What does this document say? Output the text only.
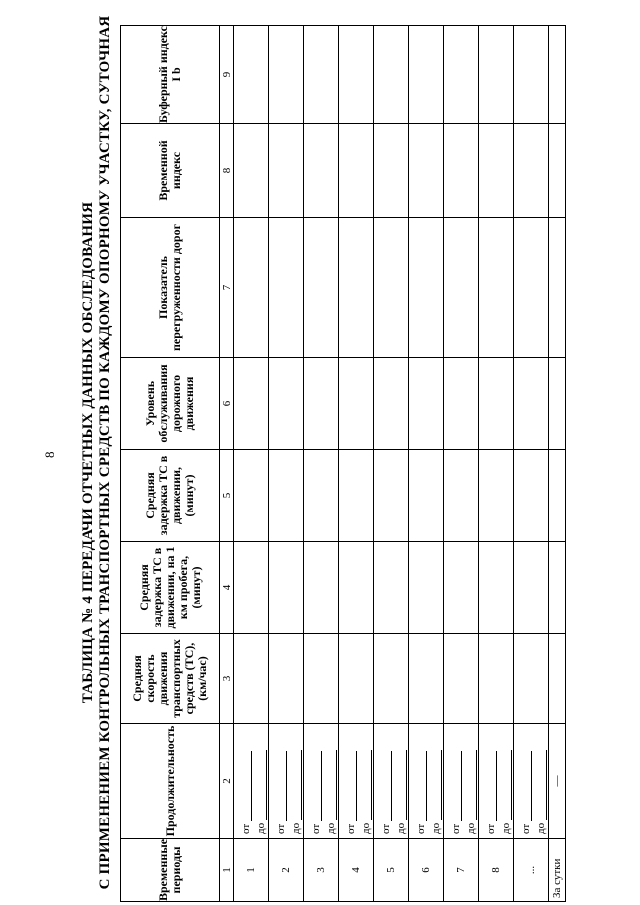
8 ТАБЛИЦА № 4 ПЕРЕДАЧИ ОТЧЕТНЫХ ДАННЫХ ОБСЛЕДОВАНИЯ С ПРИМЕНЕНИЕМ КОНТРОЛЬНЫХ ТРАНСПОРТНЫХ СРЕДСТВ ПО КАЖДОМУ ОПОРНОМУ УЧАСТКУ, СУТОЧНАЯ	Временные периоды	Продолжительность	Средняя скорость движения транспортных средств (ТС), (км/час)	Средняя задержка ТС в движении, на 1 км пробега, (минут)	Средняя задержка ТС в движении, (минут)	Уровень обслуживания дорожного движения	Показатель перегруженности дорог	Временной индекс	Буферный индекс I b
1	2	3	4	5	6	7	8	9
1	от до							

2	от до							

3	от до							

4	от до							

5	от до							

6	от до							

7	от до							

8	от до							

...	от до							

За сутки	—							
